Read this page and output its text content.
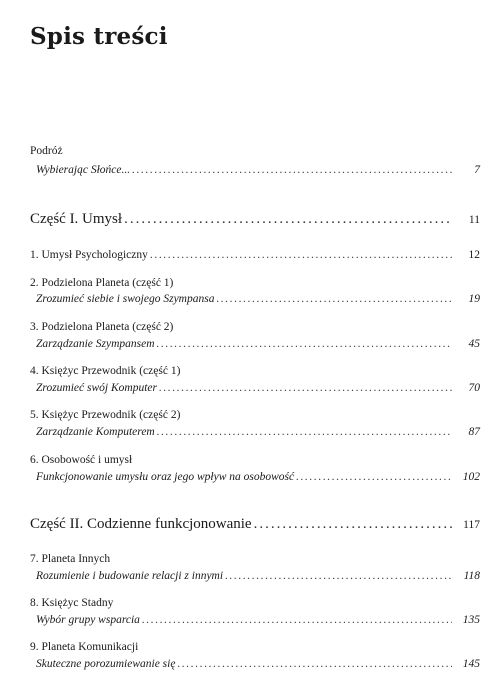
Spis treści
Podróż
Wybierając Słońce... .....	7
Część I. Umysł .....	11
1. Umysł Psychologiczny .....	12
2. Podzielona Planeta (część 1)
Zrozumieć siebie i swojego Szympansa .....	19
3. Podzielona Planeta (część 2)
Zarządzanie Szympansem .....	45
4. Księżyc Przewodnik (część 1)
Zrozumieć swój Komputer .....	70
5. Księżyc Przewodnik (część 2)
Zarządzanie Komputerem .....	87
6. Osobowość i umysł
Funkcjonowanie umysłu oraz jego wpływ na osobowość .....	102
Część II. Codzienne funkcjonowanie .....	117
7. Planeta Innych
Rozumienie i budowanie relacji z innymi .....	118
8. Księżyc Stadny
Wybór grupy wsparcia .....	135
9. Planeta Komunikacji
Skuteczne porozumiewanie się .....	145
